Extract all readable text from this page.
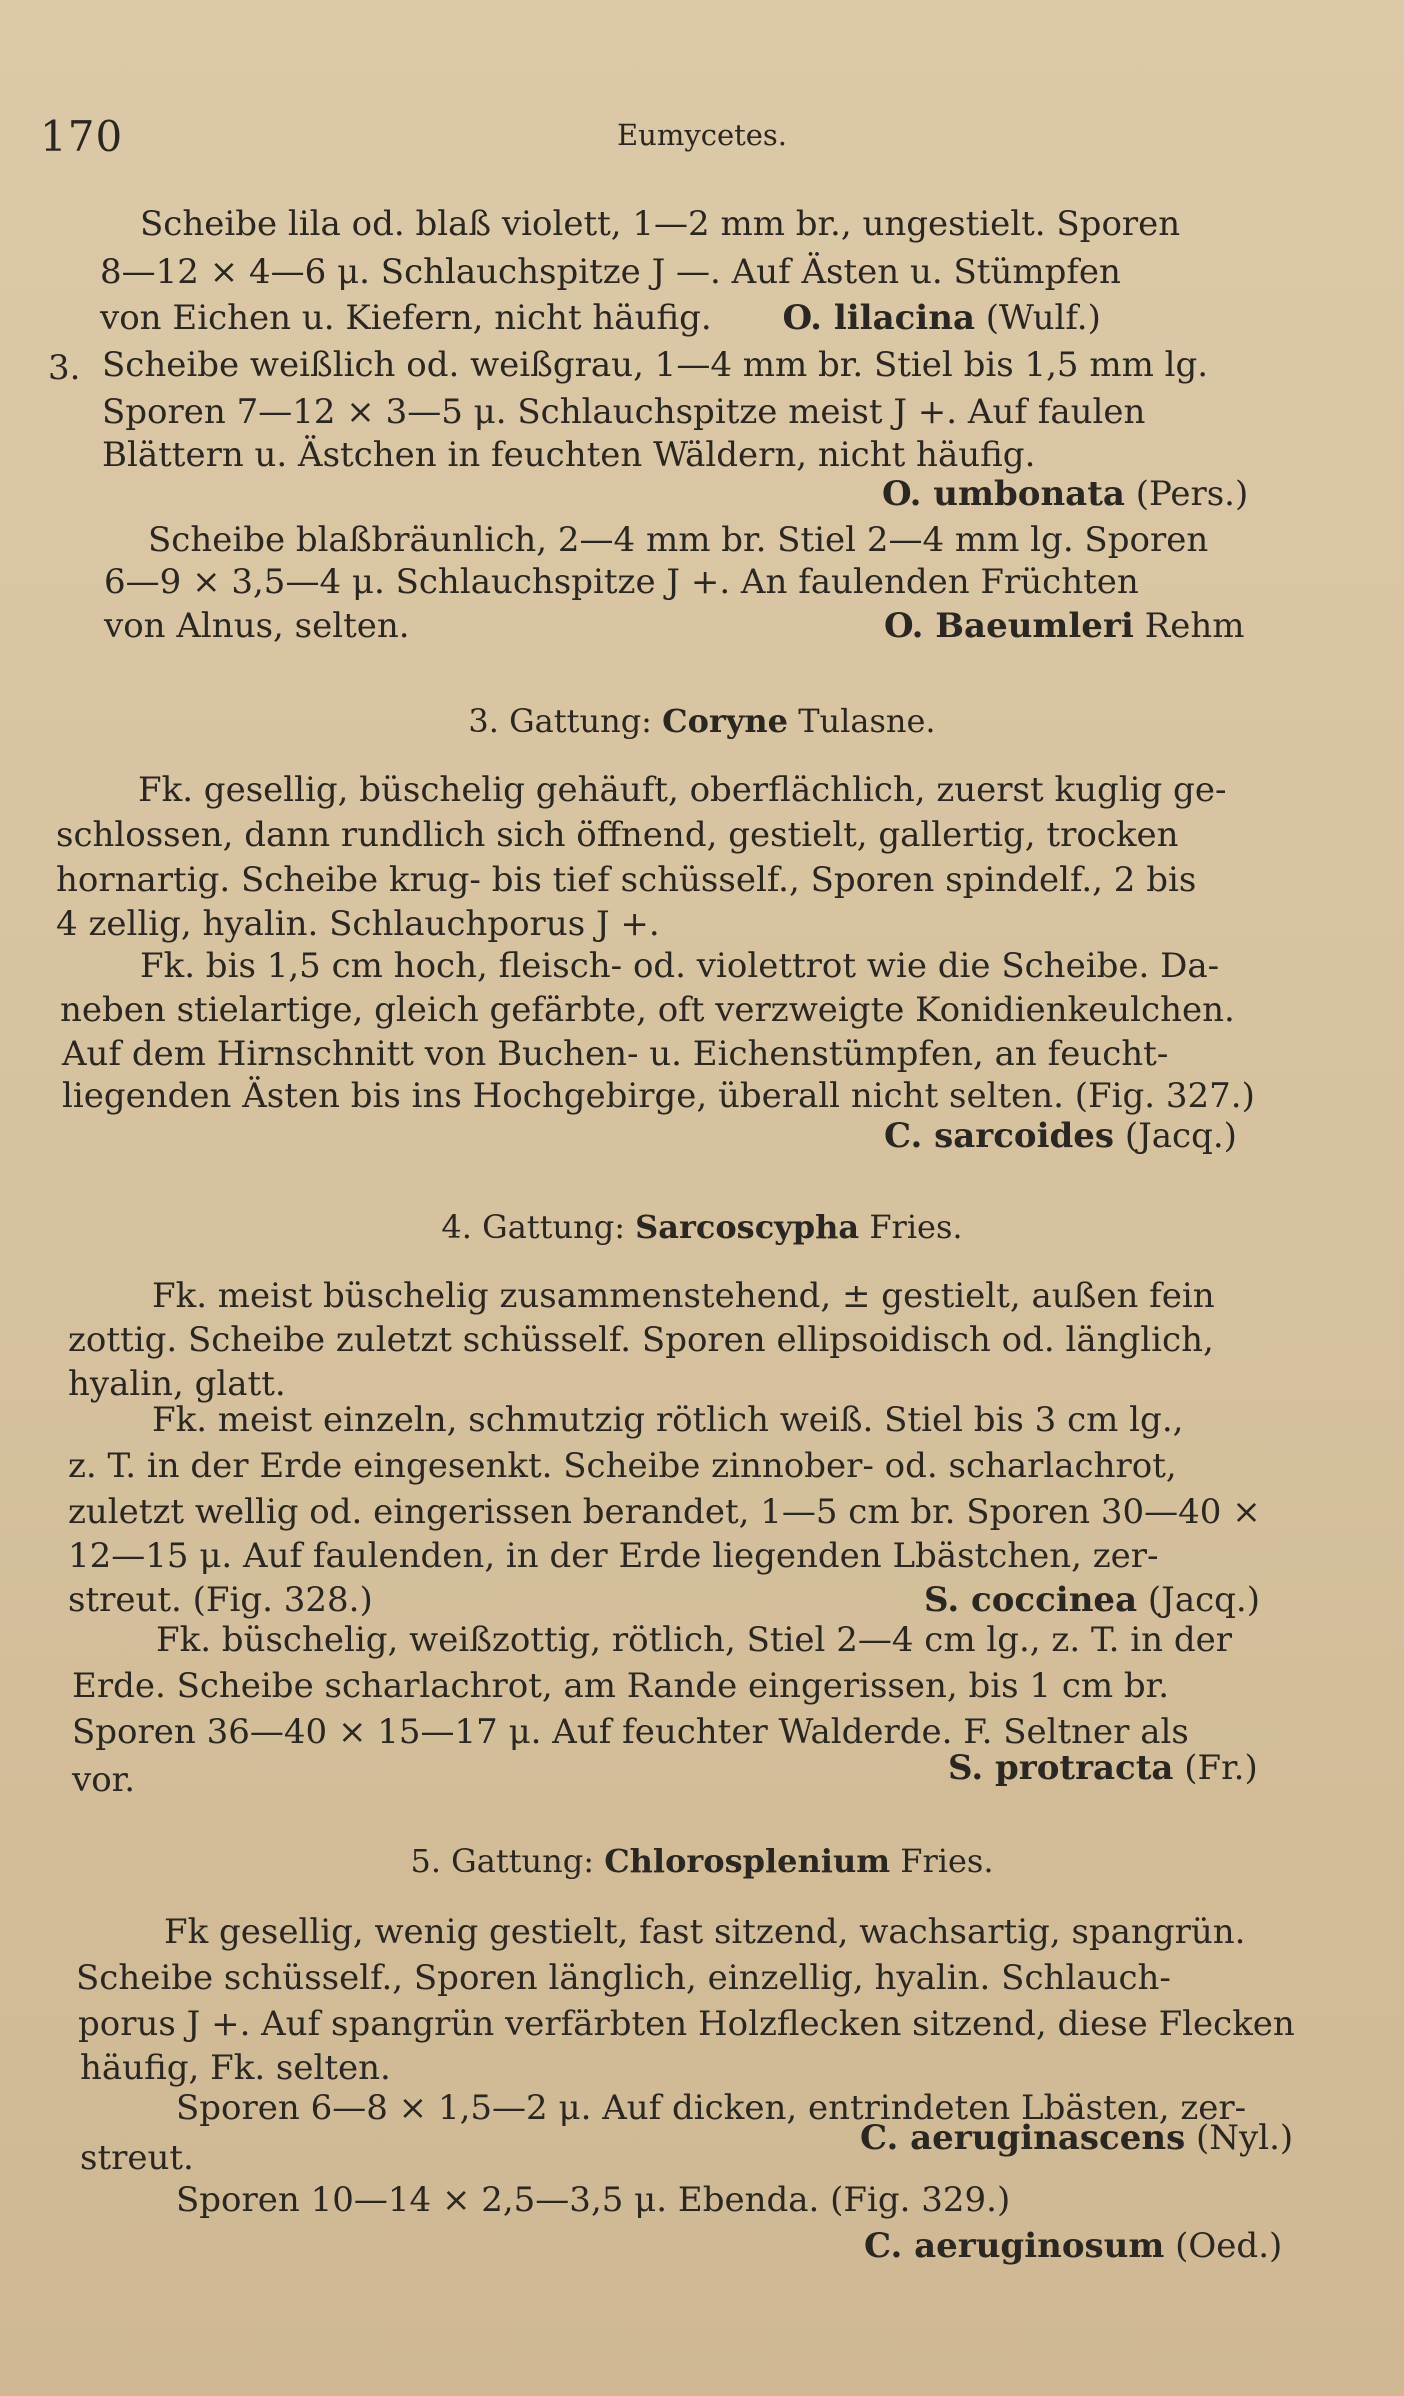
170	Eumycetes.
Scheibe lila od. blaß violett, 1—2 mm br., ungestielt. Sporen
8—12 × 4—6 μ. Schlauchspitze J —. Auf Ästen u. Stümpfen
von Eichen u. Kiefern, nicht häufig. O. lilacina (Wulf.)
3. Scheibe weißlich od. weißgrau, 1—4 mm br. Stiel bis 1,5 mm lg.
Sporen 7—12 × 3—5 μ. Schlauchspitze meist J +. Auf faulen
Blättern u. Ästchen in feuchten Wäldern, nicht häufig.
O. umbonata (Pers.)
Scheibe blaßbräunlich, 2—4 mm br. Stiel 2—4 mm lg. Sporen
6—9 × 3,5—4 μ. Schlauchspitze J +. An faulenden Früchten
von Alnus, selten.	O. Baeumleri Rehm
3. Gattung: Coryne Tulasne.
Fk. gesellig, büschelig gehäuft, oberflächlich, zuerst kuglig ge-
schlossen, dann rundlich sich öffnend, gestielt, gallertig, trocken
hornartig. Scheibe krug- bis tief schüsself., Sporen spindelf., 2 bis
4 zellig, hyalin. Schlauchporus J +.
Fk. bis 1,5 cm hoch, fleisch- od. violettrot wie die Scheibe. Da-
neben stielartige, gleich gefärbte, oft verzweigte Konidienkeulchen.
Auf dem Hirnschnitt von Buchen- u. Eichenstümpfen, an feucht-
liegenden Ästen bis ins Hochgebirge, überall nicht selten. (Fig. 327.)
C. sarcoides (Jacq.)
4. Gattung: Sarcoscypha Fries.
Fk. meist büschelig zusammenstehend, ± gestielt, außen fein
zottig. Scheibe zuletzt schüsself. Sporen ellipsoidisch od. länglich,
hyalin, glatt.
Fk. meist einzeln, schmutzig rötlich weiß. Stiel bis 3 cm lg.,
z. T. in der Erde eingesenkt. Scheibe zinnober- od. scharlachrot,
zuletzt wellig od. eingerissen berandet, 1—5 cm br. Sporen 30—40 ×
12—15 μ. Auf faulenden, in der Erde liegenden Lbästchen, zer-
streut. (Fig. 328.)	S. coccinea (Jacq.)
Fk. büschelig, weißzottig, rötlich, Stiel 2—4 cm lg., z. T. in der
Erde. Scheibe scharlachrot, am Rande eingerissen, bis 1 cm br.
Sporen 36—40 × 15—17 μ. Auf feuchter Walderde. F. Seltner als
vor.	S. protracta (Fr.)
5. Gattung: Chlorosplenium Fries.
Fk gesellig, wenig gestielt, fast sitzend, wachsartig, spangrün.
Scheibe schüsself., Sporen länglich, einzellig, hyalin. Schlauch-
porus J +. Auf spangrün verfärbten Holzflecken sitzend, diese Flecken
häufig, Fk. selten.
Sporen 6—8 × 1,5—2 μ. Auf dicken, entrindeten Lbästen, zer-
streut.	C. aeruginascens (Nyl.)
Sporen 10—14 × 2,5—3,5 μ. Ebenda. (Fig. 329.)
C. aeruginosum (Oed.)
